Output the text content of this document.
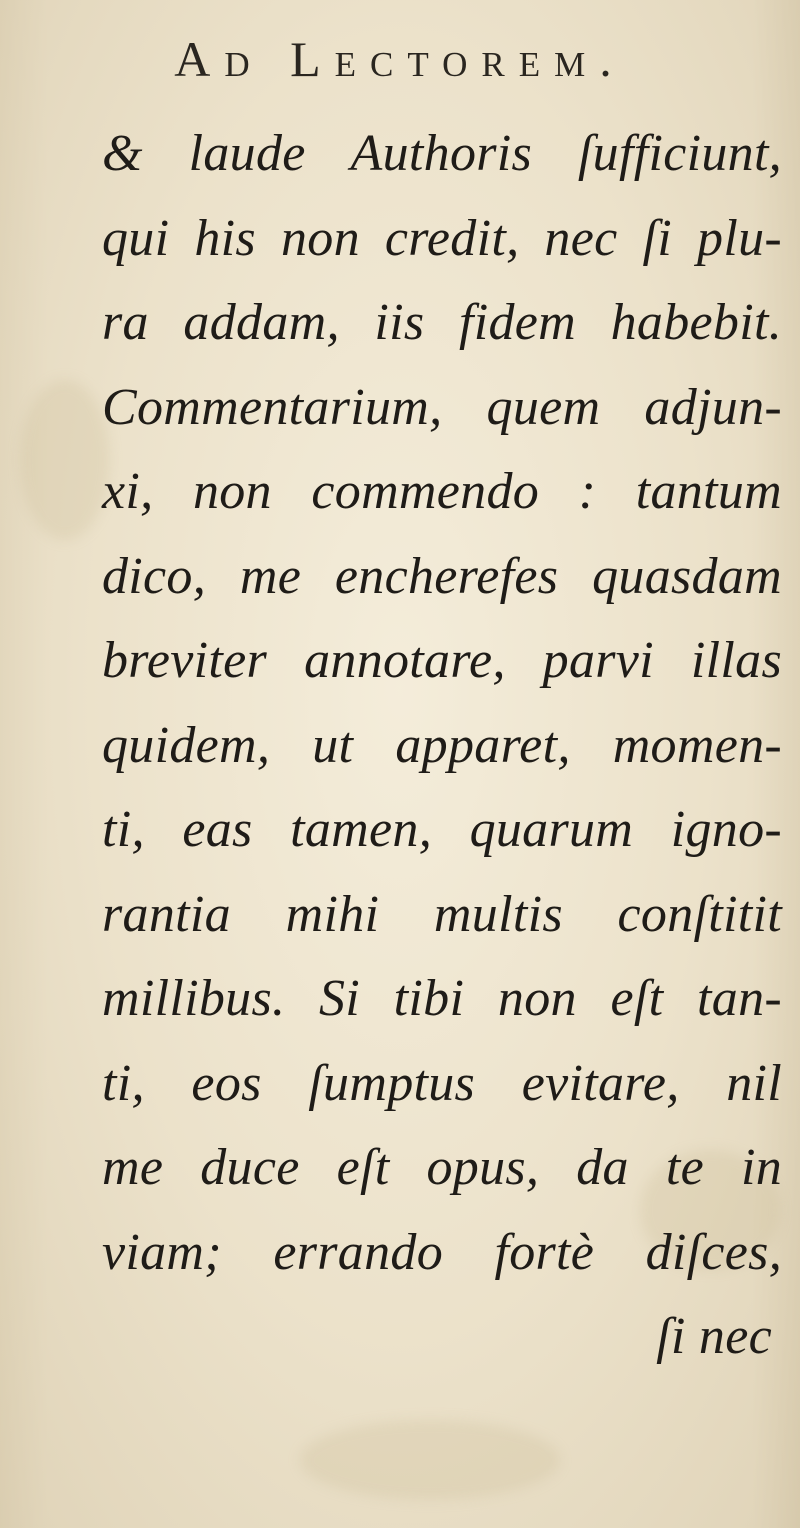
Ad Lectorem.
& laude Authoris ſufficiunt,
qui his non credit, nec ſi plu-
ra addam, iis fidem habebit.
Commentarium, quem adjun-
xi, non commendo : tantum
dico, me encherefes quasdam
breviter annotare, parvi illas
quidem, ut apparet, momen-
ti, eas tamen, quarum igno-
rantia mihi multis conſtitit
millibus. Si tibi non eſt tan-
ti, eos ſumptus evitare, nil
me duce eſt opus, da te in
viam; errando fortè diſces,
ſi nec
